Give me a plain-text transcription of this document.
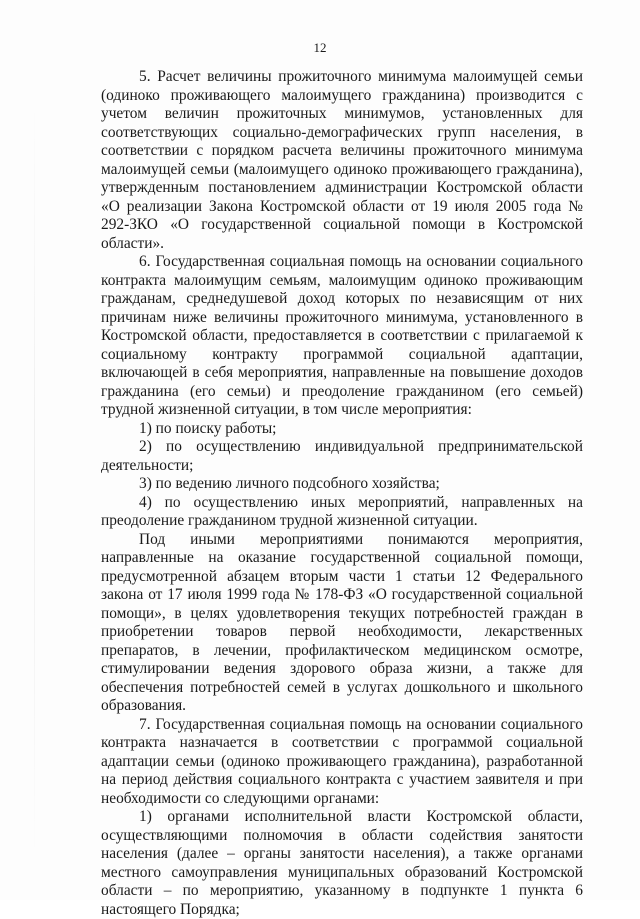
12

5. Расчет величины прожиточного минимума малоимущей семьи (одиноко проживающего малоимущего гражданина) производится с учетом величин прожиточных минимумов, установленных для соответствующих социально-демографических групп населения, в соответствии с порядком расчета величины прожиточного минимума малоимущей семьи (малоимущего одиноко проживающего гражданина), утвержденным постановлением администрации Костромской области «О реализации Закона Костромской области от 19 июля 2005 года № 292-ЗКО «О государственной социальной помощи в Костромской области».

6. Государственная социальная помощь на основании социального контракта малоимущим семьям, малоимущим одиноко проживающим гражданам, среднедушевой доход которых по независящим от них причинам ниже величины прожиточного минимума, установленного в Костромской области, предоставляется в соответствии с прилагаемой к социальному контракту программой социальной адаптации, включающей в себя мероприятия, направленные на повышение доходов гражданина (его семьи) и преодоление гражданином (его семьей) трудной жизненной ситуации, в том числе мероприятия:

1) по поиску работы;

2) по осуществлению индивидуальной предпринимательской деятельности;

3) по ведению личного подсобного хозяйства;

4) по осуществлению иных мероприятий, направленных на преодоление гражданином трудной жизненной ситуации.

Под иными мероприятиями понимаются мероприятия, направленные на оказание государственной социальной помощи, предусмотренной абзацем вторым части 1 статьи 12 Федерального закона от 17 июля 1999 года № 178-ФЗ «О государственной социальной помощи», в целях удовлетворения текущих потребностей граждан в приобретении товаров первой необходимости, лекарственных препаратов, в лечении, профилактическом медицинском осмотре, стимулировании ведения здорового образа жизни, а также для обеспечения потребностей семей в услугах дошкольного и школьного образования.

7. Государственная социальная помощь на основании социального контракта назначается в соответствии с программой социальной адаптации семьи (одиноко проживающего гражданина), разработанной на период действия социального контракта с участием заявителя и при необходимости со следующими органами:

1) органами исполнительной власти Костромской области, осуществляющими полномочия в области содействия занятости населения (далее – органы занятости населения), а также органами местного самоуправления муниципальных образований Костромской области – по мероприятию, указанному в подпункте 1 пункта 6 настоящего Порядка;
